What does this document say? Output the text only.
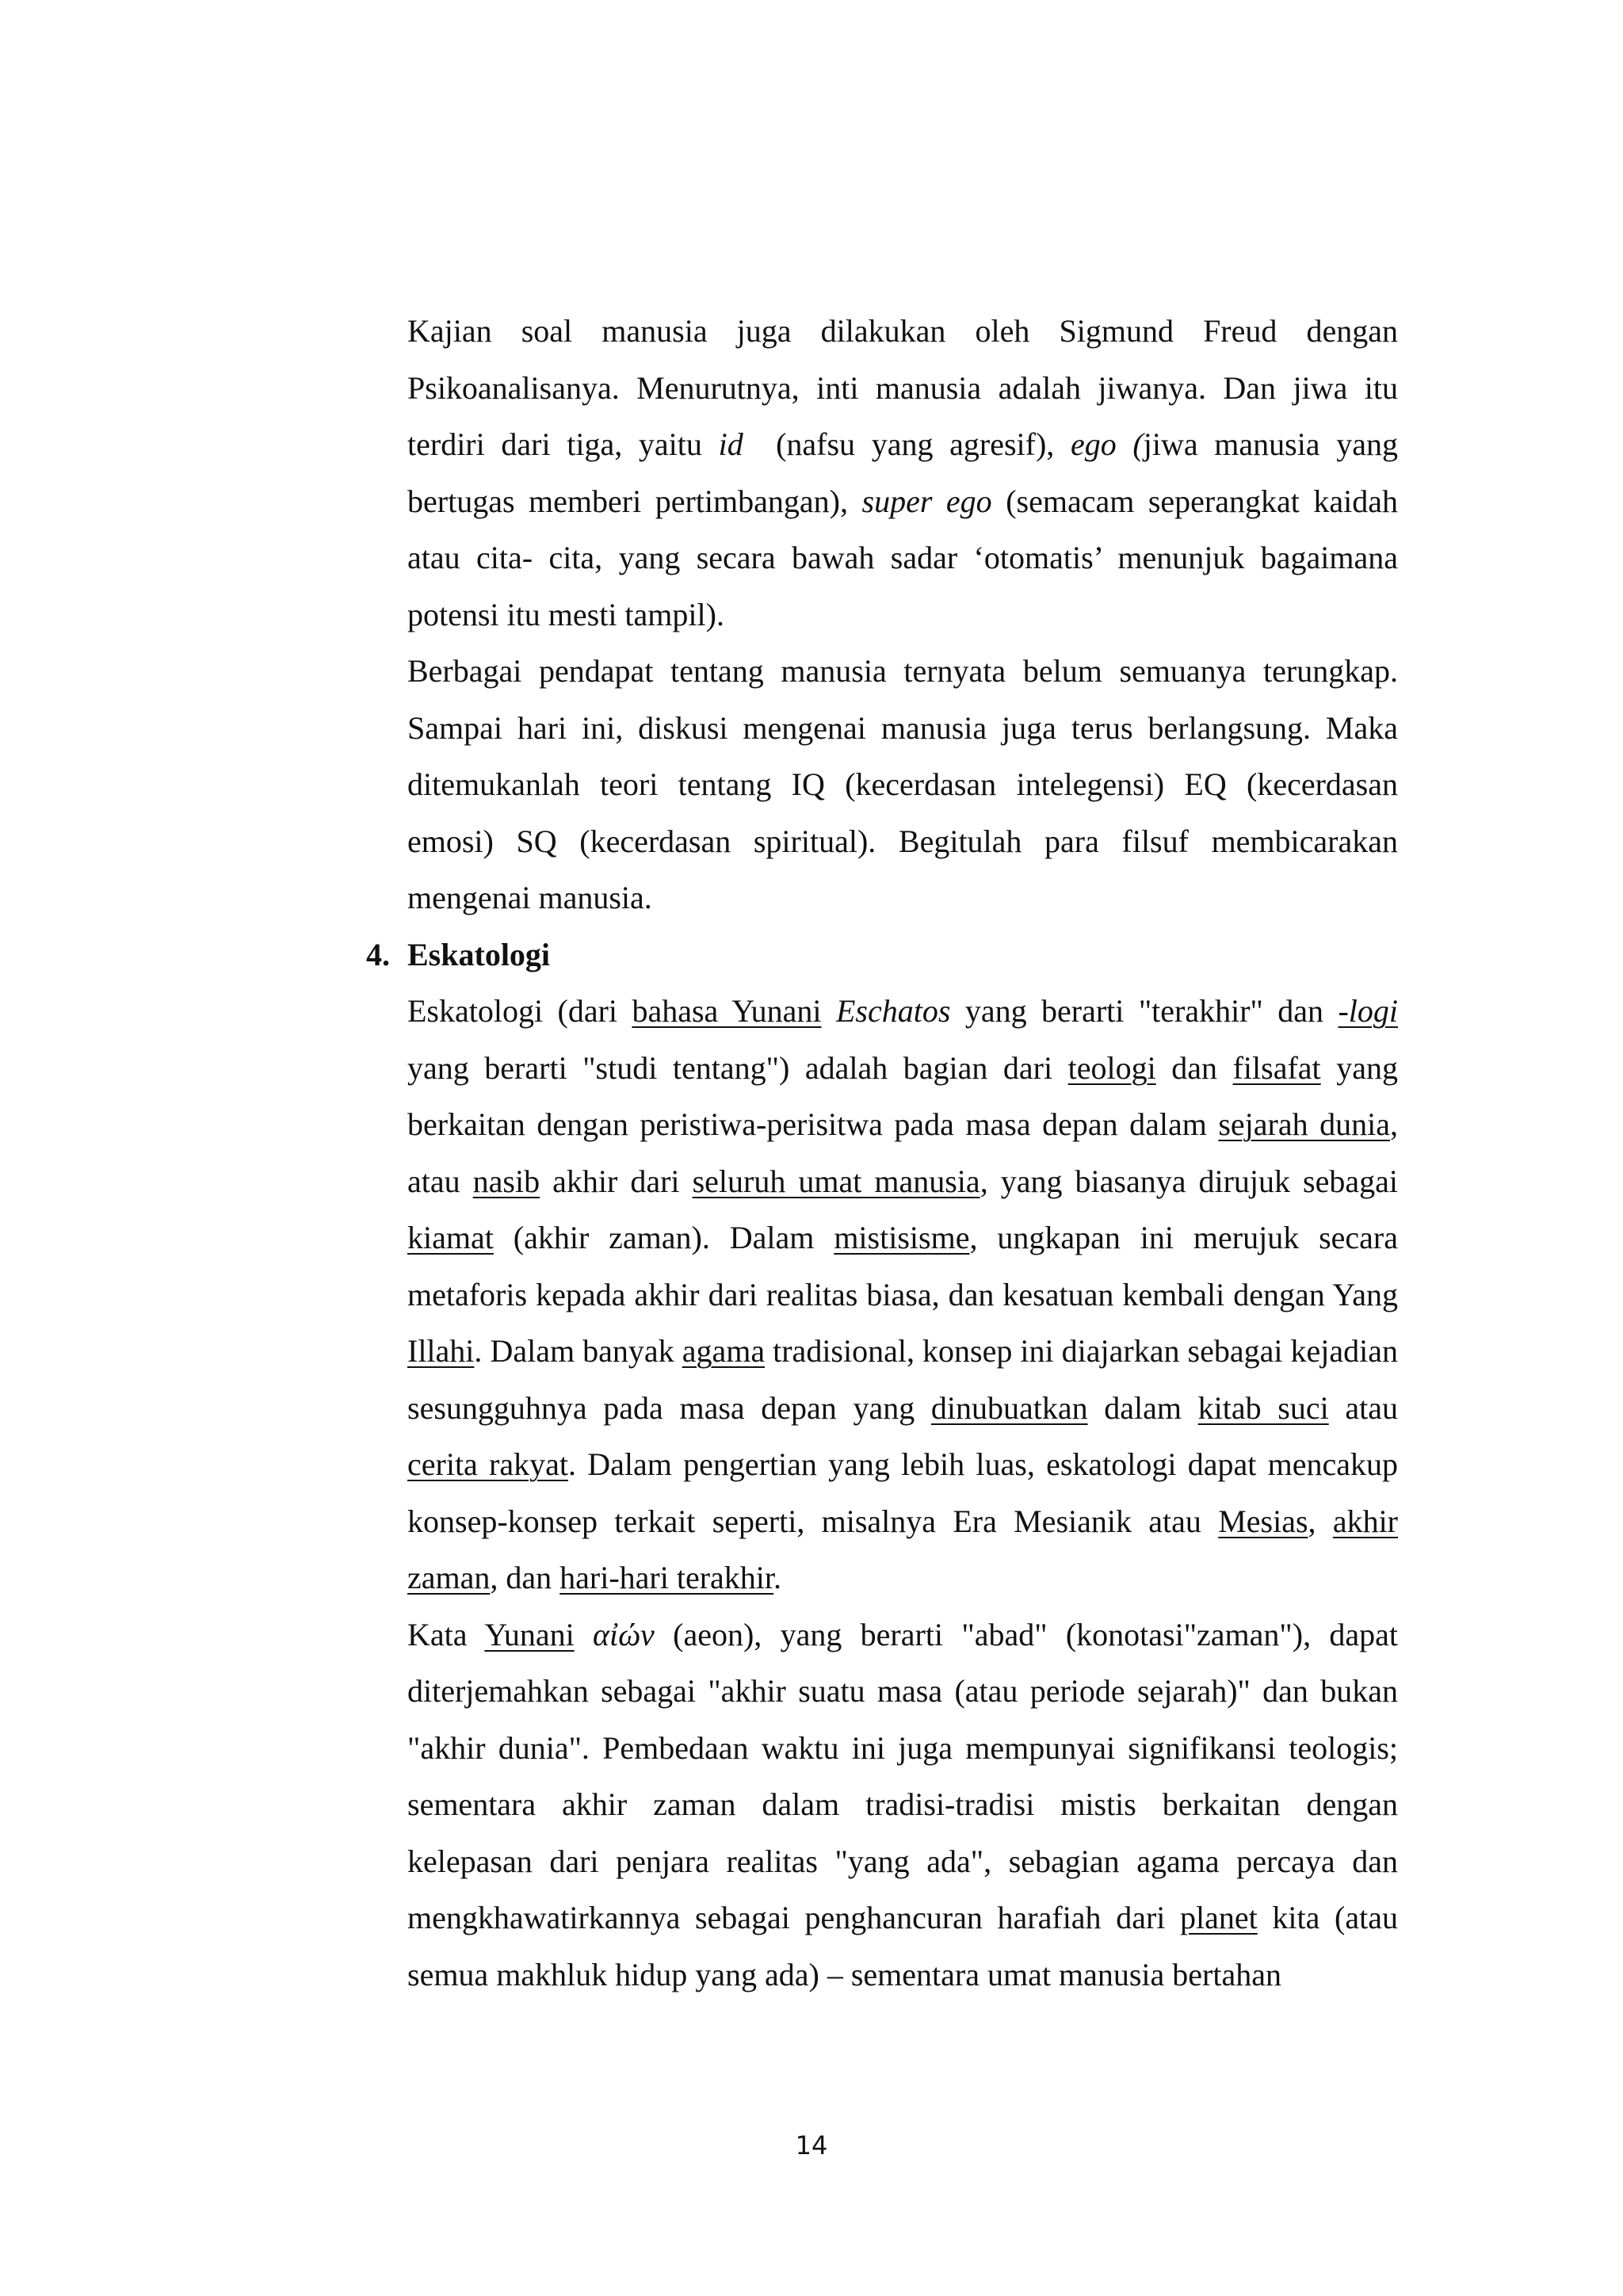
Kajian soal manusia juga dilakukan oleh Sigmund Freud dengan Psikoanalisanya. Menurutnya, inti manusia adalah jiwanya. Dan jiwa itu terdiri dari tiga, yaitu id  (nafsu yang agresif), ego (jiwa manusia yang bertugas memberi pertimbangan), super ego (semacam seperangkat kaidah atau cita- cita, yang secara bawah sadar ‘otomatis’ menunjuk bagaimana potensi itu mesti tampil).

Berbagai pendapat tentang manusia ternyata belum semuanya terungkap. Sampai hari ini, diskusi mengenai manusia juga terus berlangsung. Maka ditemukanlah teori tentang IQ (kecerdasan intelegensi) EQ (kecerdasan emosi) SQ (kecerdasan spiritual). Begitulah para filsuf membicarakan mengenai manusia.

4. Eskatologi

Eskatologi (dari bahasa Yunani Eschatos yang berarti "terakhir" dan -logi yang berarti "studi tentang") adalah bagian dari teologi dan filsafat yang berkaitan dengan peristiwa-perisitwa pada masa depan dalam sejarah dunia, atau nasib akhir dari seluruh umat manusia, yang biasanya dirujuk sebagai kiamat (akhir zaman). Dalam mistisisme, ungkapan ini merujuk secara metaforis kepada akhir dari realitas biasa, dan kesatuan kembali dengan Yang Illahi. Dalam banyak agama tradisional, konsep ini diajarkan sebagai kejadian sesungguhnya pada masa depan yang dinubuatkan dalam kitab suci atau cerita rakyat. Dalam pengertian yang lebih luas, eskatologi dapat mencakup konsep-konsep terkait seperti, misalnya Era Mesianik atau Mesias, akhir zaman, dan hari-hari terakhir.

Kata Yunani αἰών (aeon), yang berarti "abad" (konotasi"zaman"), dapat diterjemahkan sebagai "akhir suatu masa (atau periode sejarah)" dan bukan "akhir dunia". Pembedaan waktu ini juga mempunyai signifikansi teologis; sementara akhir zaman dalam tradisi-tradisi mistis berkaitan dengan kelepasan dari penjara realitas "yang ada", sebagian agama percaya dan mengkhawatirkannya sebagai penghancuran harafiah dari planet kita (atau semua makhluk hidup yang ada) – sementara umat manusia bertahan

14
